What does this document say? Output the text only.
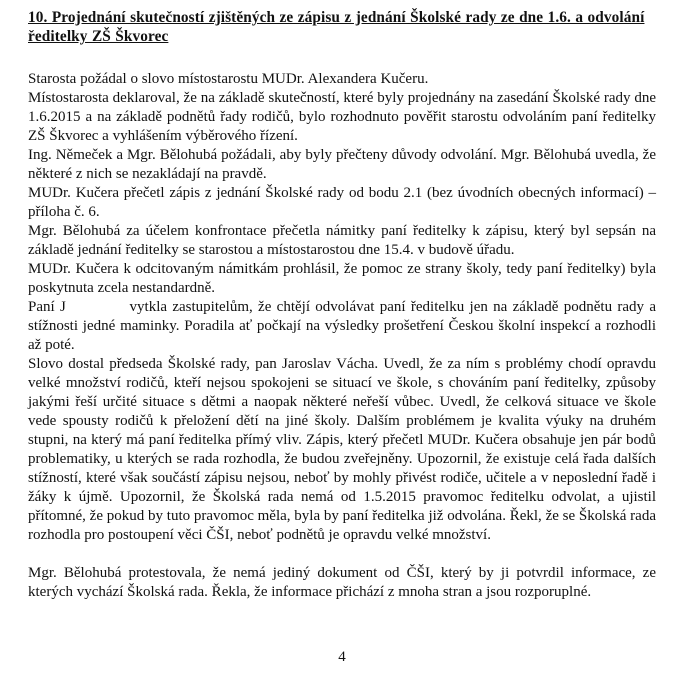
10. Projednání skutečností zjištěných ze zápisu z jednání Školské rady ze dne 1.6. a odvolání ředitelky ZŠ Škvorec

Starosta požádal o slovo místostarostu MUDr. Alexandera Kučeru.

Místostarosta deklaroval, že na základě skutečností, které byly projednány na zasedání Školské rady dne 1.6.2015 a na základě podnětů řady rodičů, bylo rozhodnuto pověřit starostu odvoláním paní ředitelky ZŠ Škvorec a vyhlášením výběrového řízení.

Ing. Němeček a Mgr. Bělohubá požádali, aby byly přečteny důvody odvolání. Mgr. Bělohubá uvedla, že některé z nich se nezakládají na pravdě.

MUDr. Kučera přečetl zápis z jednání Školské rady od bodu 2.1 (bez úvodních obecných informací) – příloha č. 6.

Mgr. Bělohubá za účelem konfrontace přečetla námitky paní ředitelky k zápisu, který byl sepsán na základě jednání ředitelky se starostou a místostarostou dne 15.4. v budově úřadu.

MUDr. Kučera k odcitovaným námitkám prohlásil, že pomoc ze strany školy, tedy paní ředitelky) byla poskytnuta zcela nestandardně.

Paní J            vytkla zastupitelům, že chtějí odvolávat paní ředitelku jen na základě podnětu rady a stížnosti jedné maminky. Poradila ať počkají na výsledky prošetření Českou školní inspekcí a rozhodli až poté.

Slovo dostal předseda Školské rady, pan Jaroslav Vácha. Uvedl, že za ním s problémy chodí opravdu velké množství rodičů, kteří nejsou spokojeni se situací ve škole, s chováním paní ředitelky, způsoby jakými řeší určité situace s dětmi a naopak některé neřeší vůbec. Uvedl, že celková situace ve škole vede spousty rodičů k přeložení dětí na jiné školy. Dalším problémem je kvalita výuky na druhém stupni, na který má paní ředitelka přímý vliv. Zápis, který přečetl MUDr. Kučera obsahuje jen pár bodů problematiky, u kterých se rada rozhodla, že budou zveřejněny. Upozornil, že existuje celá řada dalších stížností, které však součástí zápisu nejsou, neboť by mohly přivést rodiče, učitele a v neposlední řadě i žáky k újmě. Upozornil, že Školská rada nemá od 1.5.2015 pravomoc ředitelku odvolat, a ujistil přítomné, že pokud by tuto pravomoc měla, byla by paní ředitelka již odvolána. Řekl, že se Školská rada rozhodla pro postoupení věci ČŠI, neboť podnětů je opravdu velké množství.

Mgr. Bělohubá protestovala, že nemá jediný dokument od ČŠI, který by ji potvrdil informace, ze kterých vychází Školská rada. Řekla, že informace přichází z mnoha stran a jsou rozporuplné.

4
